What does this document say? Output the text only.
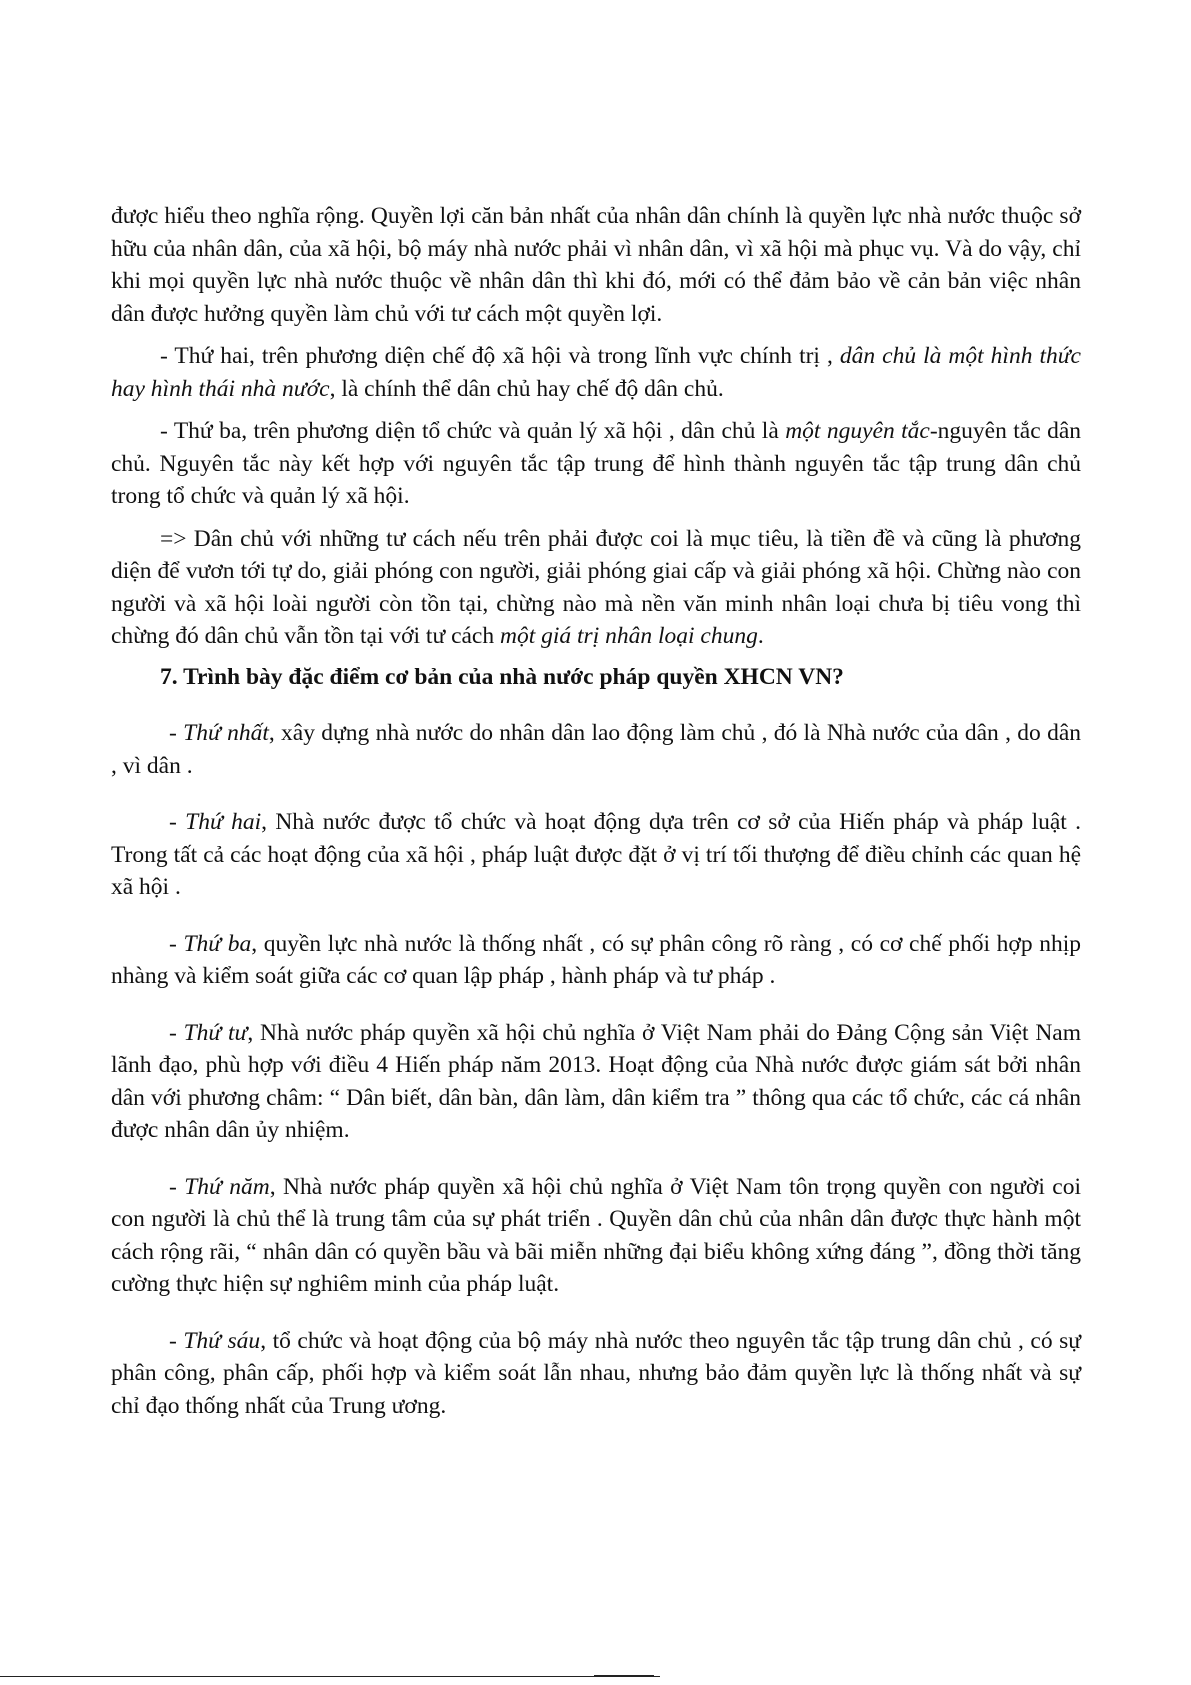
được hiểu theo nghĩa rộng. Quyền lợi căn bản nhất của nhân dân chính là quyền lực nhà nước thuộc sở hữu của nhân dân, của xã hội, bộ máy nhà nước phải vì nhân dân, vì xã hội mà phục vụ. Và do vậy, chỉ khi mọi quyền lực nhà nước thuộc về nhân dân thì khi đó, mới có thể đảm bảo về cản bản việc nhân dân được hưởng quyền làm chủ với tư cách một quyền lợi.

- Thứ hai, trên phương diện chế độ xã hội và trong lĩnh vực chính trị , dân chủ là một hình thức hay hình thái nhà nước, là chính thể dân chủ hay chế độ dân chủ.

- Thứ ba, trên phương diện tổ chức và quản lý xã hội , dân chủ là một nguyên tắc-nguyên tắc dân chủ. Nguyên tắc này kết hợp với nguyên tắc tập trung để hình thành nguyên tắc tập trung dân chủ trong tổ chức và quản lý xã hội.

=> Dân chủ với những tư cách nếu trên phải được coi là mục tiêu, là tiền đề và cũng là phương diện để vươn tới tự do, giải phóng con người, giải phóng giai cấp và giải phóng xã hội. Chừng nào con người và xã hội loài người còn tồn tại, chừng nào mà nền văn minh nhân loại chưa bị tiêu vong thì chừng đó dân chủ vẫn tồn tại với tư cách một giá trị nhân loại chung.

7. Trình bày đặc điểm cơ bản của nhà nước pháp quyền XHCN VN?

- Thứ nhất, xây dựng nhà nước do nhân dân lao động làm chủ , đó là Nhà nước của dân , do dân , vì dân .

- Thứ hai, Nhà nước được tổ chức và hoạt động dựa trên cơ sở của Hiến pháp và pháp luật . Trong tất cả các hoạt động của xã hội , pháp luật được đặt ở vị trí tối thượng để điều chỉnh các quan hệ xã hội .

- Thứ ba, quyền lực nhà nước là thống nhất , có sự phân công rõ ràng , có cơ chế phối hợp nhịp nhàng và kiểm soát giữa các cơ quan lập pháp , hành pháp và tư pháp .

- Thứ tư, Nhà nước pháp quyền xã hội chủ nghĩa ở Việt Nam phải do Đảng Cộng sản Việt Nam lãnh đạo, phù hợp với điều 4 Hiến pháp năm 2013. Hoạt động của Nhà nước được giám sát bởi nhân dân với phương châm: “ Dân biết, dân bàn, dân làm, dân kiểm tra ” thông qua các tổ chức, các cá nhân được nhân dân ủy nhiệm.

- Thứ năm, Nhà nước pháp quyền xã hội chủ nghĩa ở Việt Nam tôn trọng quyền con người coi con người là chủ thể là trung tâm của sự phát triển . Quyền dân chủ của nhân dân được thực hành một cách rộng rãi, “ nhân dân có quyền bầu và bãi miễn những đại biểu không xứng đáng ”, đồng thời tăng cường thực hiện sự nghiêm minh của pháp luật.

- Thứ sáu, tổ chức và hoạt động của bộ máy nhà nước theo nguyên tắc tập trung dân chủ , có sự phân công, phân cấp, phối hợp và kiểm soát lẫn nhau, nhưng bảo đảm quyền lực là thống nhất và sự chỉ đạo thống nhất của Trung ương.
